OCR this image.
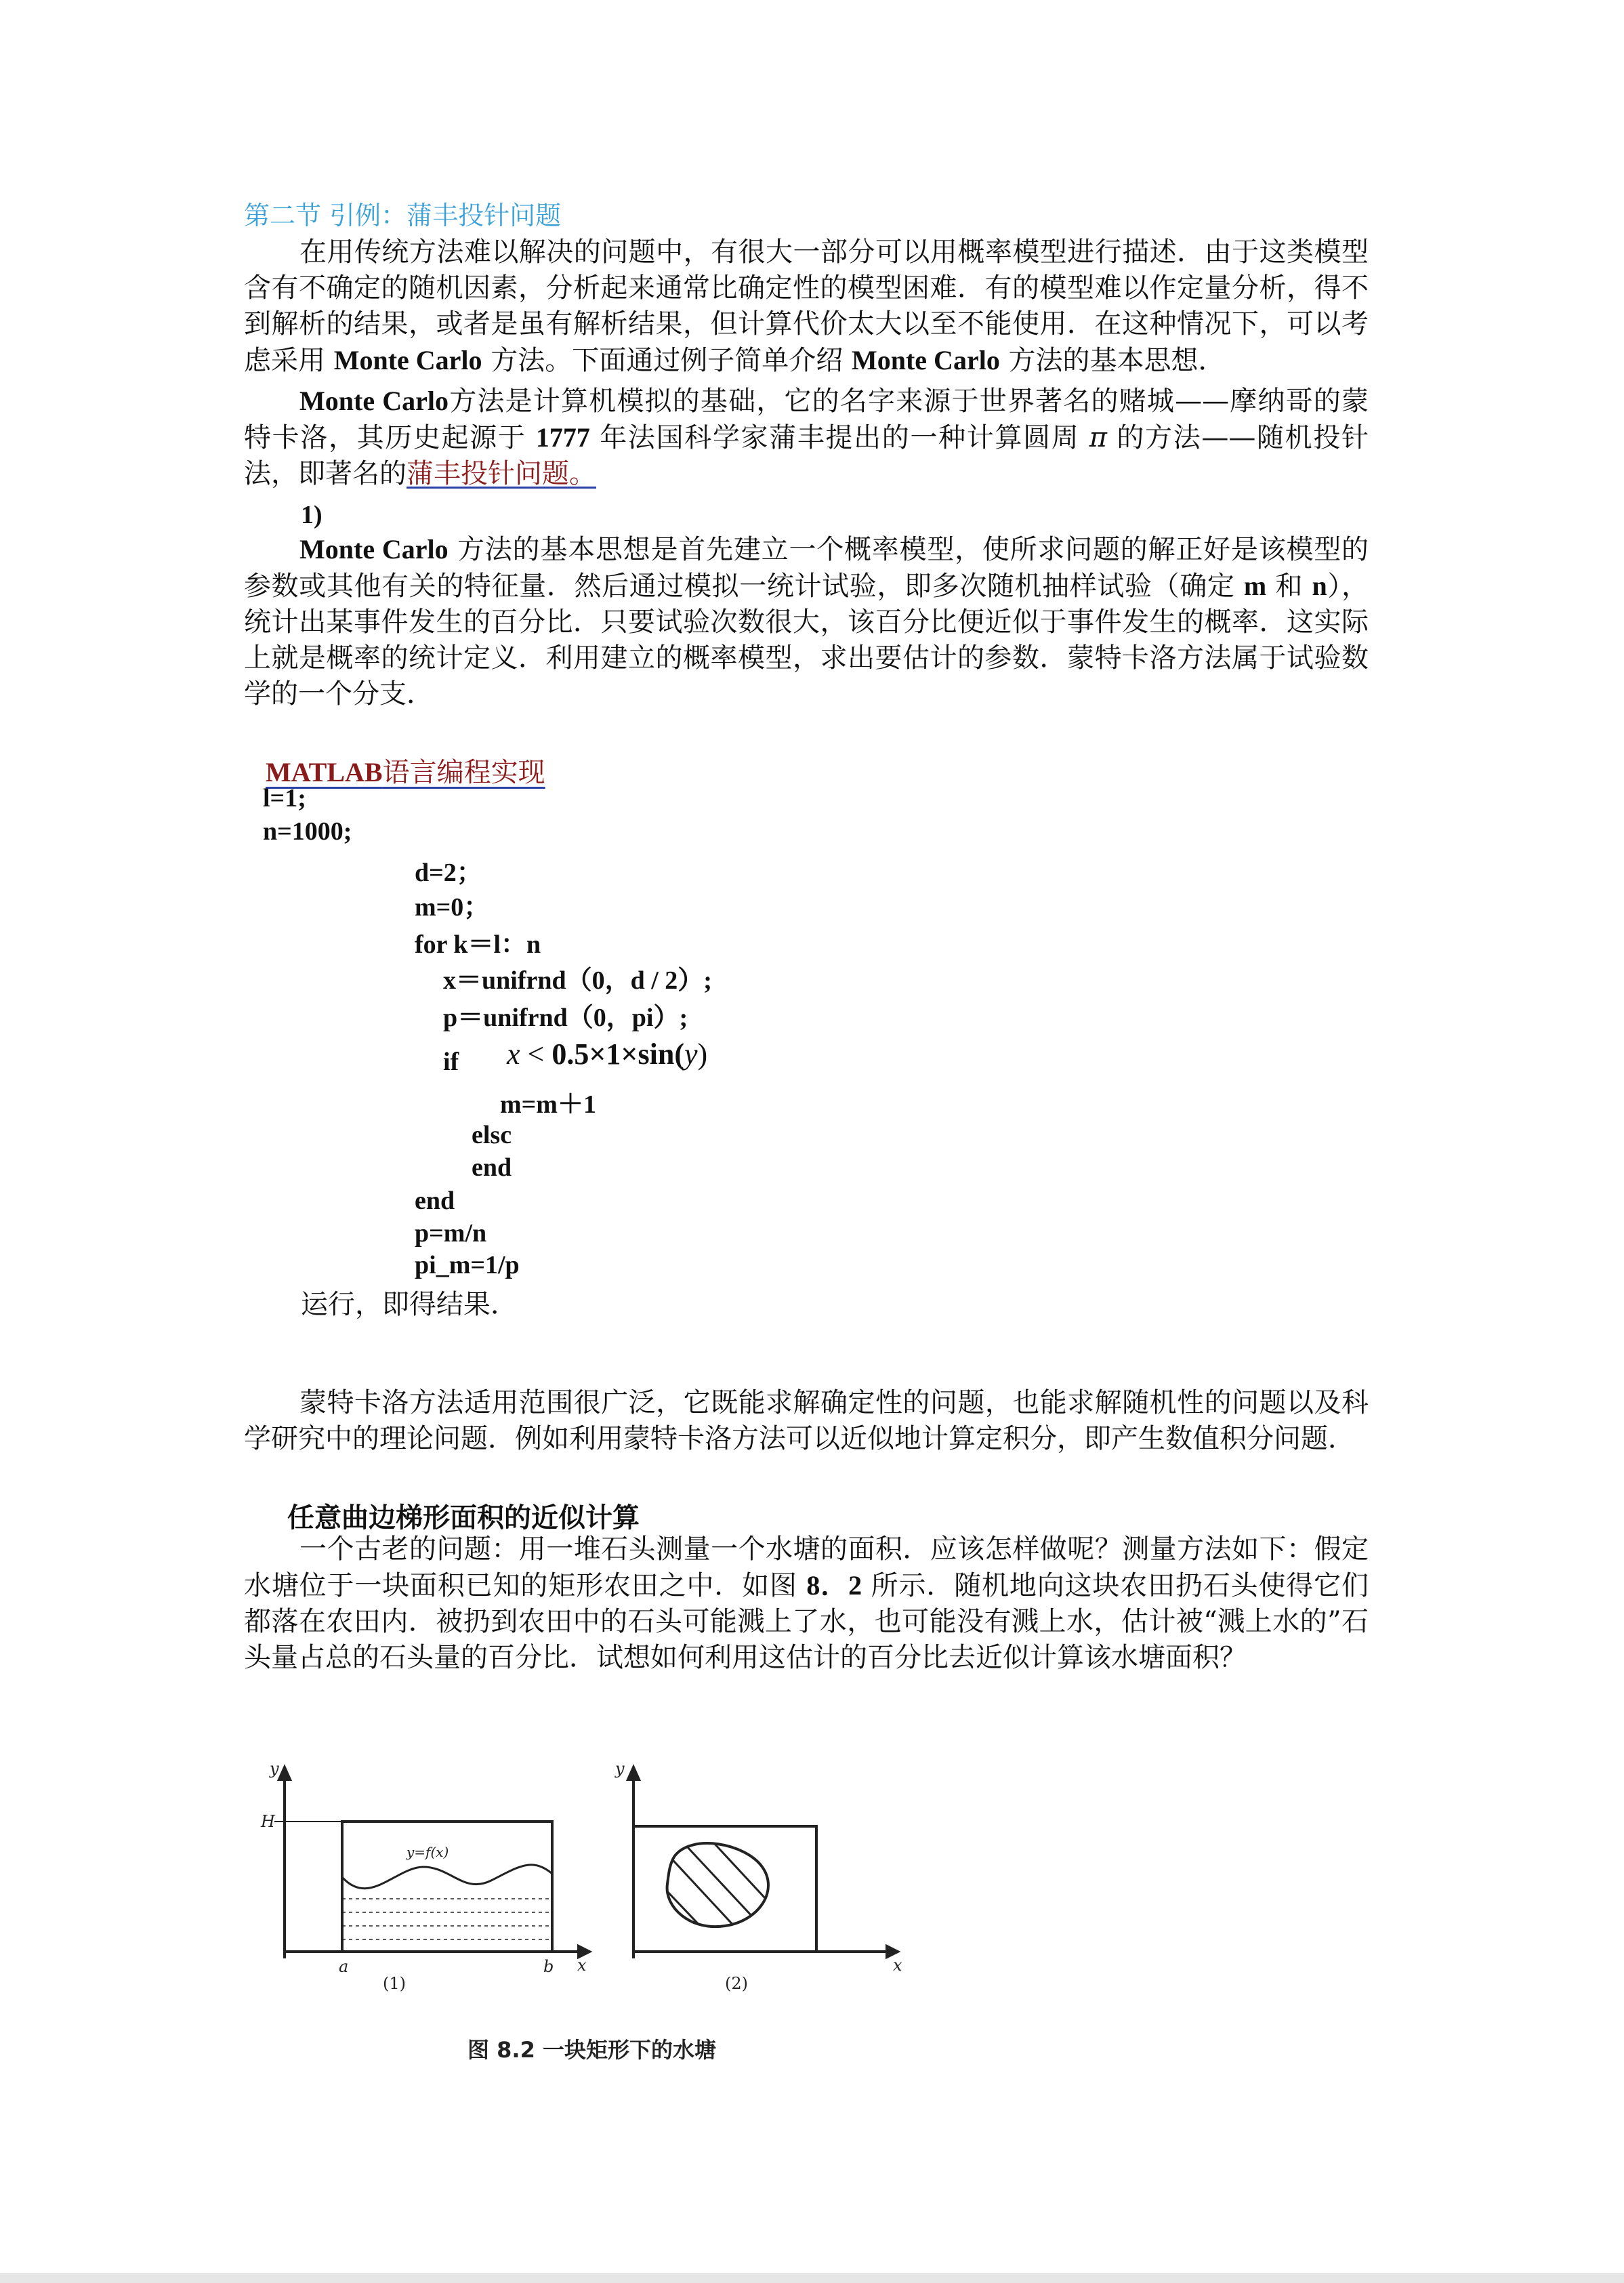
第二节 引例：蒲丰投针问题

在用传统方法难以解决的问题中，有很大一部分可以用概率模型进行描述．由于这类模型含有不确定的随机因素，分析起来通常比确定性的模型困难．有的模型难以作定量分析，得不到解析的结果，或者是虽有解析结果，但计算代价太大以至不能使用．在这种情况下，可以考虑采用 Monte Carlo 方法。下面通过例子简单介绍 Monte Carlo 方法的基本思想．

Monte Carlo方法是计算机模拟的基础，它的名字来源于世界著名的赌城——摩纳哥的蒙特卡洛，其历史起源于 1777 年法国科学家蒲丰提出的一种计算圆周 π 的方法——随机投针法，即著名的蒲丰投针问题。

1)

Monte Carlo 方法的基本思想是首先建立一个概率模型，使所求问题的解正好是该模型的参数或其他有关的特征量．然后通过模拟一统计试验，即多次随机抽样试验（确定 m 和 n），统计出某事件发生的百分比．只要试验次数很大，该百分比便近似于事件发生的概率．这实际上就是概率的统计定义．利用建立的概率模型，求出要估计的参数．蒙特卡洛方法属于试验数学的一个分支．

MATLAB语言编程实现
l=1;
n=1000;
d=2；
m=0；
for k＝l：n
x＝unifrnd（0，d / 2）;
p＝unifrnd（0，pi）;
if x < 0.5×1×sin(y)
m=m＋1
elsc
end
end
p=m/n
pi_m=1/p
运行，即得结果．

蒙特卡洛方法适用范围很广泛，它既能求解确定性的问题，也能求解随机性的问题以及科学研究中的理论问题．例如利用蒙特卡洛方法可以近似地计算定积分，即产生数值积分问题．

任意曲边梯形面积的近似计算

一个古老的问题：用一堆石头测量一个水塘的面积．应该怎样做呢？测量方法如下：假定水塘位于一块面积已知的矩形农田之中．如图 8．2 所示．随机地向这块农田扔石头使得它们都落在农田内．被扔到农田中的石头可能溅上了水，也可能没有溅上水，估计被“溅上水的”石头量占总的石头量的百分比．试想如何利用这估计的百分比去近似计算该水塘面积？

y
H
y=f(x)
a	b x
(1)
y
x
(2)
图 8.2 一块矩形下的水塘
